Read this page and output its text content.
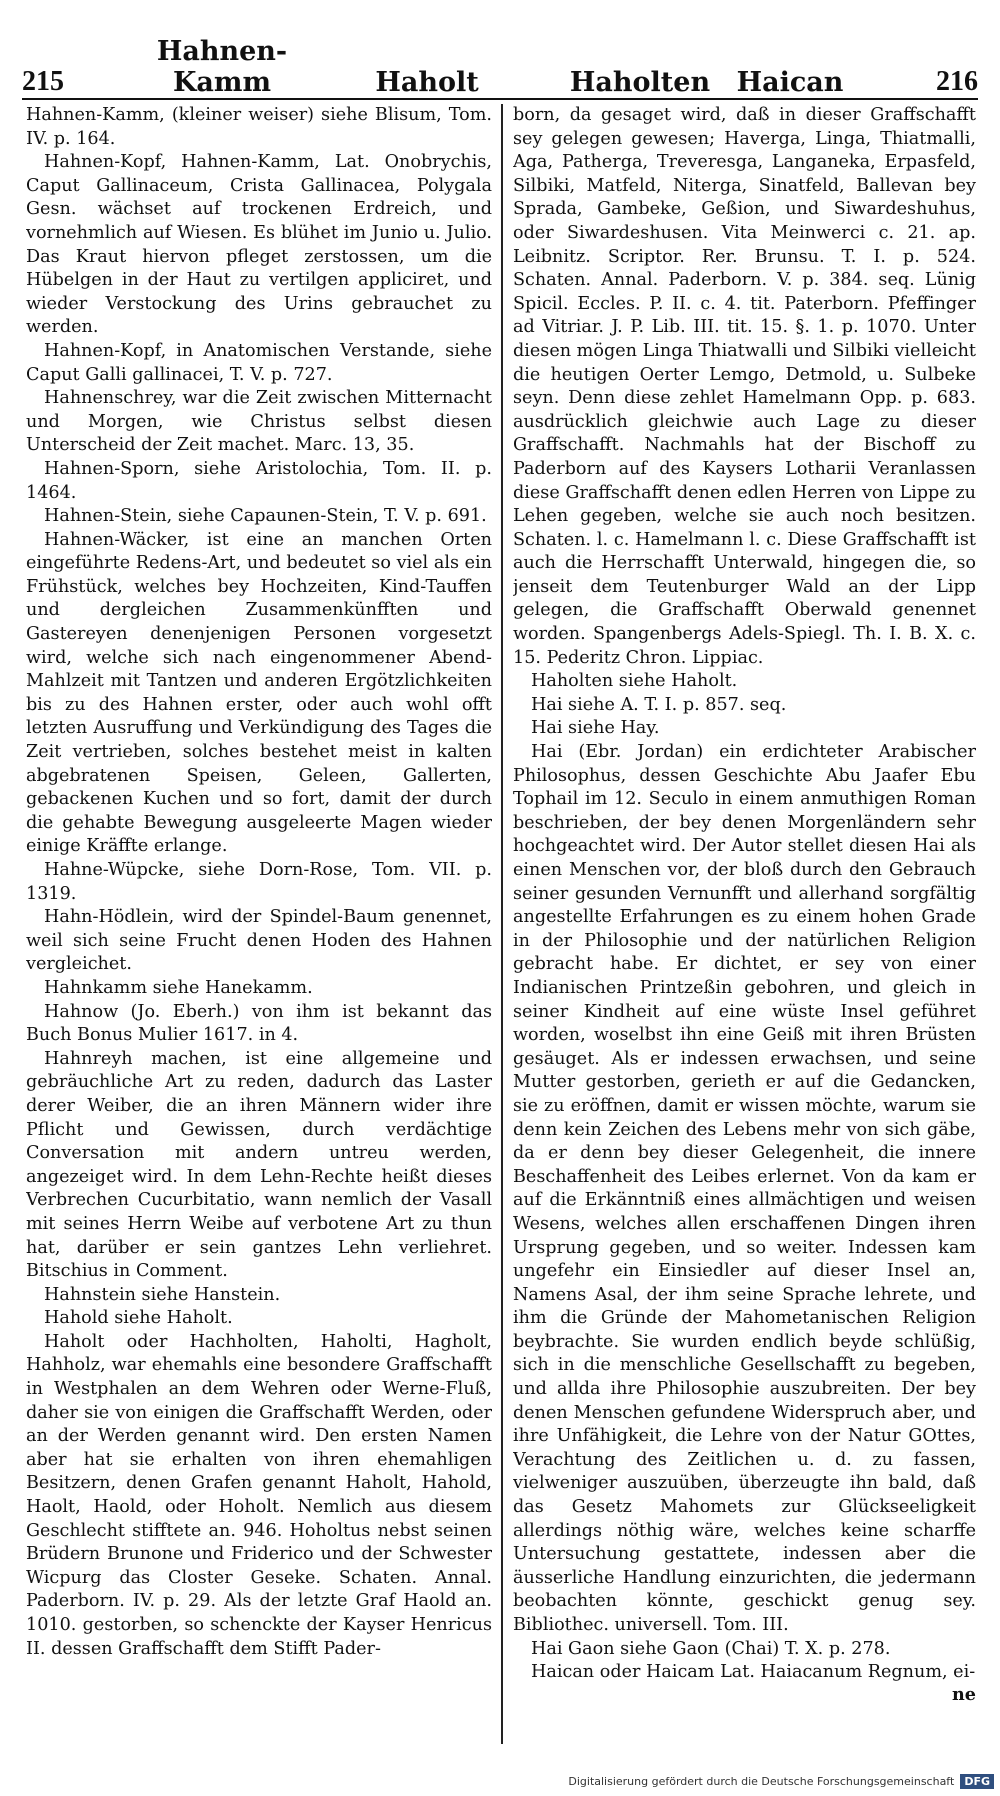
215
Hahnen-Kamm	Haholt	Haholten Haican	216

Hahnen-Kamm, (kleiner weiser) siehe Blisum, Tom. IV. p. 164.

Hahnen-Kopf, Hahnen-Kamm, Lat. Onobrychis, Caput Gallinaceum, Crista Gallinacea, Polygala Gesn. wächset auf trockenen Erdreich, und vornehmlich auf Wiesen. Es blühet im Junio u. Julio. Das Kraut hiervon pfleget zerstossen, um die Hübelgen in der Haut zu vertilgen appliciret, und wieder Verstockung des Urins gebrauchet zu werden.

Hahnen-Kopf, in Anatomischen Verstande, siehe Caput Galli gallinacei, T. V. p. 727.

Hahnenschrey, war die Zeit zwischen Mitternacht und Morgen, wie Christus selbst diesen Unterscheid der Zeit machet. Marc. 13, 35.

Hahnen-Sporn, siehe Aristolochia, Tom. II. p. 1464.

Hahnen-Stein, siehe Capaunen-Stein, T. V. p. 691.

Hahnen-Wäcker, ist eine an manchen Orten eingeführte Redens-Art, und bedeutet so viel als ein Frühstück, welches bey Hochzeiten, Kind-Tauffen und dergleichen Zusammenkünfften und Gastereyen denenjenigen Personen vorgesetzt wird, welche sich nach eingenommener Abend-Mahlzeit mit Tantzen und anderen Ergötzlichkeiten bis zu des Hahnen erster, oder auch wohl offt letzten Ausruffung und Verkündigung des Tages die Zeit vertrieben, solches bestehet meist in kalten abgebratenen Speisen, Geleen, Gallerten, gebackenen Kuchen und so fort, damit der durch die gehabte Bewegung ausgeleerte Magen wieder einige Kräffte erlange.

Hahne-Wüpcke, siehe Dorn-Rose, Tom. VII. p. 1319.

Hahn-Hödlein, wird der Spindel-Baum genennet, weil sich seine Frucht denen Hoden des Hahnen vergleichet.

Hahnkamm siehe Hanekamm.

Hahnow (Jo. Eberh.) von ihm ist bekannt das Buch Bonus Mulier 1617. in 4.

Hahnreyh machen, ist eine allgemeine und gebräuchliche Art zu reden, dadurch das Laster derer Weiber, die an ihren Männern wider ihre Pflicht und Gewissen, durch verdächtige Conversation mit andern untreu werden, angezeiget wird. In dem Lehn-Rechte heißt dieses Verbrechen Cucurbitatio, wann nemlich der Vasall mit seines Herrn Weibe auf verbotene Art zu thun hat, darüber er sein gantzes Lehn verliehret. Bitschius in Comment.

Hahnstein siehe Hanstein.

Hahold siehe Haholt.

Haholt oder Hachholten, Haholti, Hagholt, Hahholz, war ehemahls eine besondere Graffschafft in Westphalen an dem Wehren oder Werne-Fluß, daher sie von einigen die Graffschafft Werden, oder an der Werden genannt wird. Den ersten Namen aber hat sie erhalten von ihren ehemahligen Besitzern, denen Grafen genannt Haholt, Hahold, Haolt, Haold, oder Hoholt. Nemlich aus diesem Geschlecht stifftete an. 946. Hoholtus nebst seinen Brüdern Brunone und Friderico und der Schwester Wicpurg das Closter Geseke. Schaten. Annal. Paderborn. IV. p. 29. Als der letzte Graf Haold an. 1010. gestorben, so schenckte der Kayser Henricus II. dessen Graffschafft dem Stifft Pader-

born, da gesaget wird, daß in dieser Graffschafft sey gelegen gewesen; Haverga, Linga, Thiatmalli, Aga, Patherga, Treveresga, Langaneka, Erpasfeld, Silbiki, Matfeld, Niterga, Sinatfeld, Ballevan bey Sprada, Gambeke, Geßion, und Siwardeshuhus, oder Siwardeshusen. Vita Meinwerci c. 21. ap. Leibnitz. Scriptor. Rer. Brunsu. T. I. p. 524. Schaten. Annal. Paderborn. V. p. 384. seq. Lünig Spicil. Eccles. P. II. c. 4. tit. Paterborn. Pfeffinger ad Vitriar. J. P. Lib. III. tit. 15. §. 1. p. 1070. Unter diesen mögen Linga Thiatwalli und Silbiki vielleicht die heutigen Oerter Lemgo, Detmold, u. Sulbeke seyn. Denn diese zehlet Hamelmann Opp. p. 683. ausdrücklich gleichwie auch Lage zu dieser Graffschafft. Nachmahls hat der Bischoff zu Paderborn auf des Kaysers Lotharii Veranlassen diese Graffschafft denen edlen Herren von Lippe zu Lehen gegeben, welche sie auch noch besitzen. Schaten. l. c. Hamelmann l. c. Diese Graffschafft ist auch die Herrschafft Unterwald, hingegen die, so jenseit dem Teutenburger Wald an der Lipp gelegen, die Graffschafft Oberwald genennet worden. Spangenbergs Adels-Spiegl. Th. I. B. X. c. 15. Pederitz Chron. Lippiac.

Haholten siehe Haholt.

Hai siehe A. T. I. p. 857. seq.

Hai siehe Hay.

Hai (Ebr. Jordan) ein erdichteter Arabischer Philosophus, dessen Geschichte Abu Jaafer Ebu Tophail im 12. Seculo in einem anmuthigen Roman beschrieben, der bey denen Morgenländern sehr hochgeachtet wird. Der Autor stellet diesen Hai als einen Menschen vor, der bloß durch den Gebrauch seiner gesunden Vernunfft und allerhand sorgfältig angestellte Erfahrungen es zu einem hohen Grade in der Philosophie und der natürlichen Religion gebracht habe. Er dichtet, er sey von einer Indianischen Printzeßin gebohren, und gleich in seiner Kindheit auf eine wüste Insel geführet worden, woselbst ihn eine Geiß mit ihren Brüsten gesäuget. Als er indessen erwachsen, und seine Mutter gestorben, gerieth er auf die Gedancken, sie zu eröffnen, damit er wissen möchte, warum sie denn kein Zeichen des Lebens mehr von sich gäbe, da er denn bey dieser Gelegenheit, die innere Beschaffenheit des Leibes erlernet. Von da kam er auf die Erkänntniß eines allmächtigen und weisen Wesens, welches allen erschaffenen Dingen ihren Ursprung gegeben, und so weiter. Indessen kam ungefehr ein Einsiedler auf dieser Insel an, Namens Asal, der ihm seine Sprache lehrete, und ihm die Gründe der Mahometanischen Religion beybrachte. Sie wurden endlich beyde schlüßig, sich in die menschliche Gesellschafft zu begeben, und allda ihre Philosophie auszubreiten. Der bey denen Menschen gefundene Widerspruch aber, und ihre Unfähigkeit, die Lehre von der Natur GOttes, Verachtung des Zeitlichen u. d. zu fassen, vielweniger auszuüben, überzeugte ihn bald, daß das Gesetz Mahomets zur Glückseeligkeit allerdings nöthig wäre, welches keine scharffe Untersuchung gestattete, indessen aber die äusserliche Handlung einzurichten, die jedermann beobachten könnte, geschickt genug sey. Bibliothec. universell. Tom. III.

Hai Gaon siehe Gaon (Chai) T. X. p. 278.

Haican oder Haicam Lat. Haiacanum Regnum, ei-

ne
Digitalisierung gefördert durch die Deutsche Forschungsgemeinschaft DFG
